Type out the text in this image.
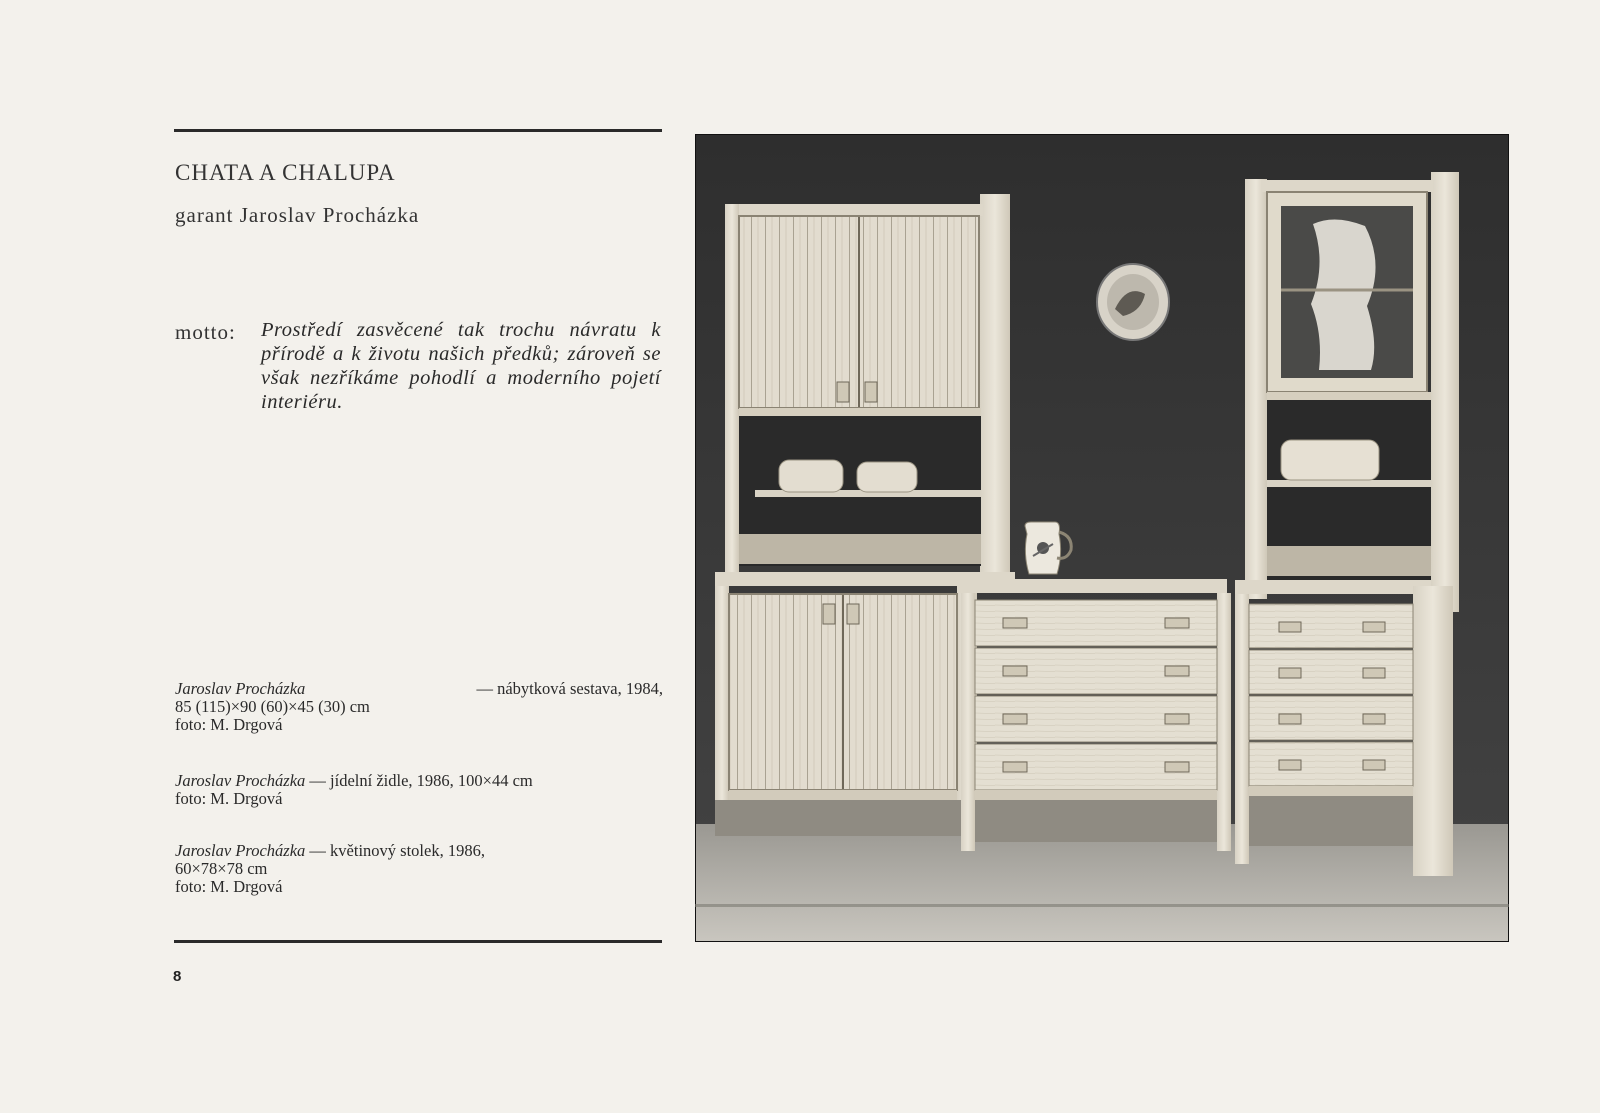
CHATA A CHALUPA
garant Jaroslav Procházka
motto: Prostředí zasvěcené tak trochu návratu k přírodě a k životu našich předků; zároveň se však nezříkáme pohodlí a moderního pojetí interiéru.
Jaroslav Procházka	— nábytková sestava, 1984,
85 (115)×90 (60)×45 (30) cm
foto: M. Drgová
Jaroslav Procházka — jídelní židle, 1986, 100×44 cm
foto: M. Drgová
Jaroslav Procházka — květinový stolek, 1986,
60×78×78 cm
foto: M. Drgová
8
